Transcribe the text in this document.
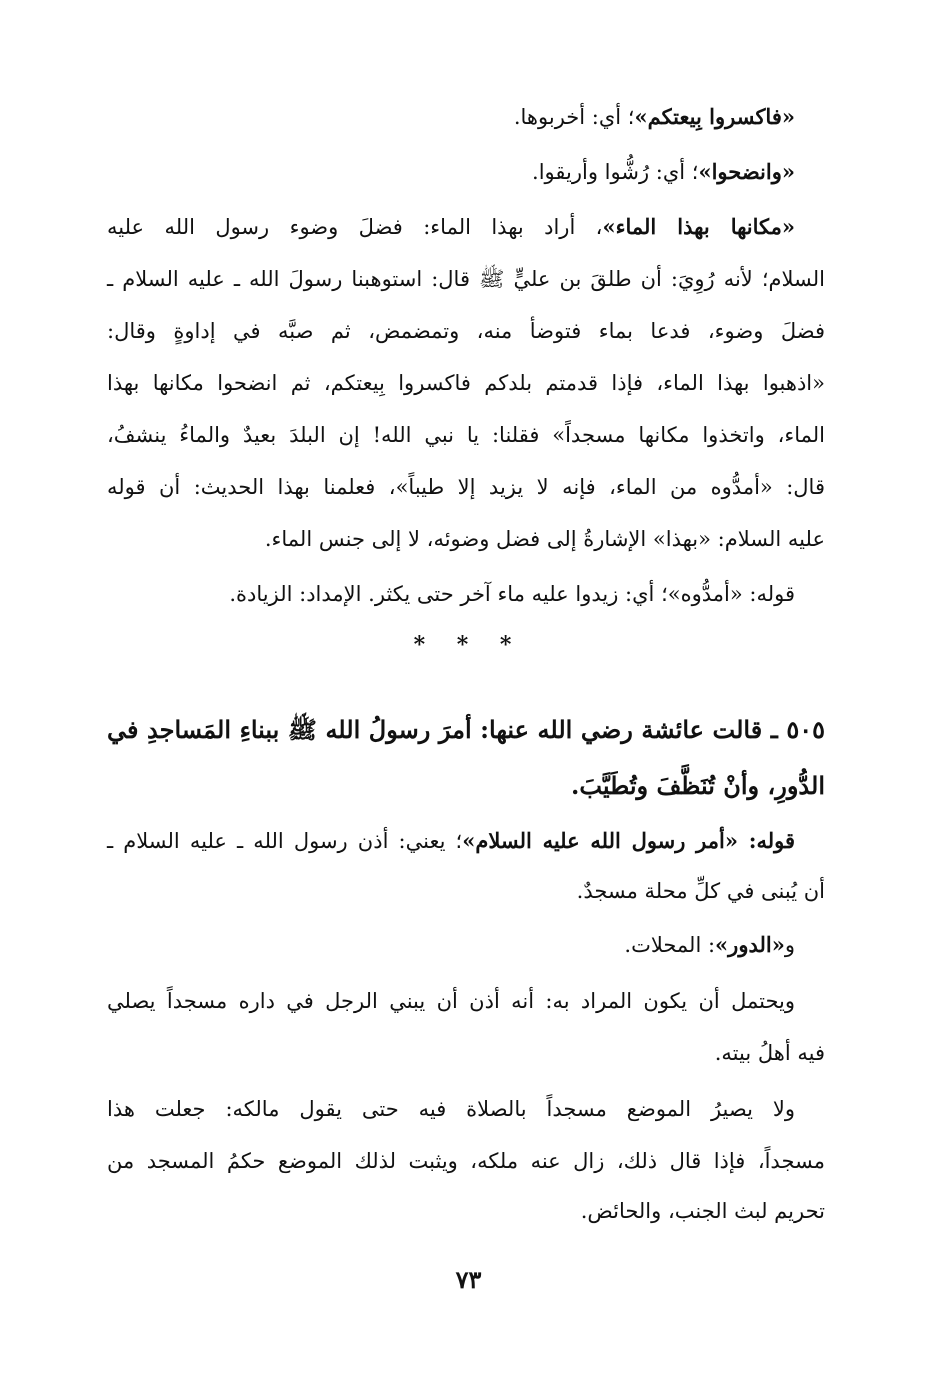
«فاكسروا بِيعتكم»؛ أي: أخربوها.
«وانضحوا»؛ أي: رُشُّوا وأريقوا.
«مكانها بهذا الماء»، أراد بهذا الماء: فضلَ وضوء رسول الله عليه
السلام؛ لأنه رُوِيَ: أن طلقَ بن عليٍّ ﷺ قال: استوهبنا رسولَ الله ـ عليه السلام ـ
فضلَ وضوء، فدعا بماء فتوضأ منه، وتمضمض، ثم صبَّه في إداوةٍ وقال:
«اذهبوا بهذا الماء، فإذا قدمتم بلدكم فاكسروا بِيعتكم، ثم انضحوا مكانها بهذا
الماء، واتخذوا مكانها مسجداً» فقلنا: يا نبي الله! إن البلدَ بعيدٌ والماءُ ينشفُ،
قال: «أمدُّوه من الماء، فإنه لا يزيد إلا طيباً»، فعلمنا بهذا الحديث: أن قوله
عليه السلام: «بهذا» الإشارةُ إلى فضل وضوئه، لا إلى جنس الماء.
قوله: «أمدُّوه»؛ أي: زيدوا عليه ماء آخر حتى يكثر. الإمداد: الزيادة.
* * *
٥٠٥ ـ قالت عائشة رضي الله عنها: أمرَ رسولُ الله ﷺ ببناءِ المَساجدِ في
الدُّورِ، وأنْ تُنَظَّفَ وتُطَيَّبَ.
قوله: «أمر رسول الله عليه السلام»؛ يعني: أذن رسول الله ـ عليه السلام ـ
أن يُبنى في كلِّ محلة مسجدٌ.
و«الدور»: المحلات.
ويحتمل أن يكون المراد به: أنه أذن أن يبني الرجل في داره مسجداً يصلي
فيه أهلُ بيته.
ولا يصيرُ الموضع مسجداً بالصلاة فيه حتى يقول مالكه: جعلت هذا
مسجداً، فإذا قال ذلك، زال عنه ملكه، ويثبت لذلك الموضع حكمُ المسجد من
تحريم لبث الجنب، والحائض.
٧٣
